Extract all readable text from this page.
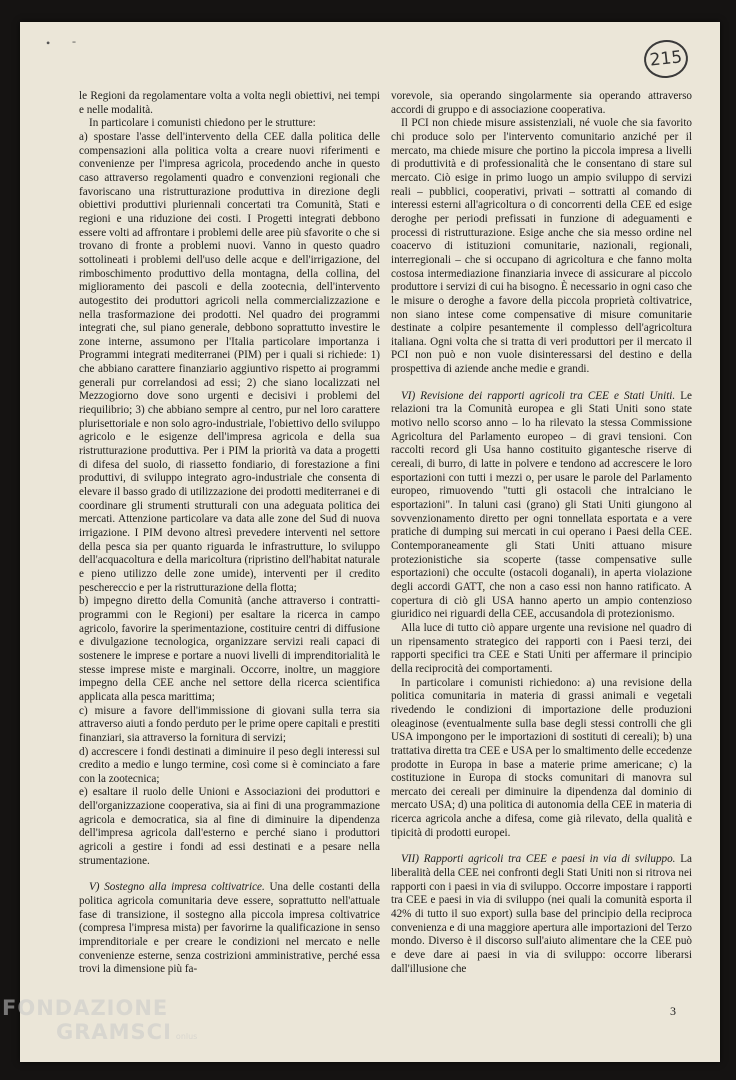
• ‐
215

le Regioni da regolamentare volta a volta negli obiettivi, nei tempi e nelle modalità.

In particolare i comunisti chiedono per le strutture:

a) spostare l'asse dell'intervento della CEE dalla politica delle compensazioni alla politica volta a creare nuovi riferimenti e convenienze per l'impresa agricola, procedendo anche in questo caso attraverso regolamenti quadro e convenzioni regionali che favoriscano una ristrutturazione produttiva in direzione degli obiettivi produttivi pluriennali concertati tra Comunità, Stati e regioni e una riduzione dei costi. I Progetti integrati debbono essere volti ad affrontare i problemi delle aree più sfavorite o che si trovano di fronte a problemi nuovi. Vanno in questo quadro sottolineati i problemi dell'uso delle acque e dell'irrigazione, del rimboschimento produttivo della montagna, della collina, del miglioramento dei pascoli e della zootecnia, dell'intervento autogestito dei produttori agricoli nella commercializzazione e nella trasformazione dei prodotti. Nel quadro dei programmi integrati che, sul piano generale, debbono soprattutto investire le zone interne, assumono per l'Italia particolare importanza i Programmi integrati mediterranei (PIM) per i quali si richiede: 1) che abbiano carattere finanziario aggiuntivo rispetto ai programmi generali pur correlandosi ad essi; 2) che siano localizzati nel Mezzogiorno dove sono urgenti e decisivi i problemi del riequilibrio; 3) che abbiano sempre al centro, pur nel loro carattere plurisettoriale e non solo agro-industriale, l'obiettivo dello sviluppo agricolo e le esigenze dell'impresa agricola e della sua ristrutturazione produttiva. Per i PIM la priorità va data a progetti di difesa del suolo, di riassetto fondiario, di forestazione a fini produttivi, di sviluppo integrato agro-industriale che consenta di elevare il basso grado di utilizzazione dei prodotti mediterranei e di coordinare gli strumenti strutturali con una adeguata politica dei mercati. Attenzione particolare va data alle zone del Sud di nuova irrigazione. I PIM devono altresì prevedere interventi nel settore della pesca sia per quanto riguarda le infrastrutture, lo sviluppo dell'acquacoltura e della maricoltura (ripristino dell'habitat naturale e pieno utilizzo delle zone umide), interventi per il credito peschereccio e per la ristrutturazione della flotta;

b) impegno diretto della Comunità (anche attraverso i contratti-programmi con le Regioni) per esaltare la ricerca in campo agricolo, favorire la sperimentazione, costituire centri di diffusione e divulgazione tecnologica, organizzare servizi reali capaci di sostenere le imprese e portare a nuovi livelli di imprenditorialità le stesse imprese miste e marginali. Occorre, inoltre, un maggiore impegno della CEE anche nel settore della ricerca scientifica applicata alla pesca marittima;

c) misure a favore dell'immissione di giovani sulla terra sia attraverso aiuti a fondo perduto per le prime opere capitali e prestiti finanziari, sia attraverso la fornitura di servizi;

d) accrescere i fondi destinati a diminuire il peso degli interessi sul credito a medio e lungo termine, così come si è cominciato a fare con la zootecnica;

e) esaltare il ruolo delle Unioni e Associazioni dei produttori e dell'organizzazione cooperativa, sia ai fini di una programmazione agricola e democratica, sia al fine di diminuire la dipendenza dell'impresa agricola dall'esterno e perché siano i produttori agricoli a gestire i fondi ad essi destinati e a pesare nella strumentazione.

V) Sostegno alla impresa coltivatrice. Una delle costanti della politica agricola comunitaria deve essere, soprattutto nell'attuale fase di transizione, il sostegno alla piccola impresa coltivatrice (compresa l'impresa mista) per favorirne la qualificazione in senso imprenditoriale e per creare le condizioni nel mercato e nelle convenienze esterne, senza costrizioni amministrative, perché essa trovi la dimensione più fa-

vorevole, sia operando singolarmente sia operando attraverso accordi di gruppo e di associazione cooperativa.

Il PCI non chiede misure assistenziali, né vuole che sia favorito chi produce solo per l'intervento comunitario anziché per il mercato, ma chiede misure che portino la piccola impresa a livelli di produttività e di professionalità che le consentano di stare sul mercato. Ciò esige in primo luogo un ampio sviluppo di servizi reali – pubblici, cooperativi, privati – sottratti al comando di interessi esterni all'agricoltura o di concorrenti della CEE ed esige deroghe per periodi prefissati in funzione di adeguamenti e processi di ristrutturazione. Esige anche che sia messo ordine nel coacervo di istituzioni comunitarie, nazionali, regionali, interregionali – che si occupano di agricoltura e che fanno molta costosa intermediazione finanziaria invece di assicurare al piccolo produttore i servizi di cui ha bisogno. È necessario in ogni caso che le misure o deroghe a favore della piccola proprietà coltivatrice, non siano intese come compensative di misure comunitarie destinate a colpire pesantemente il complesso dell'agricoltura italiana. Ogni volta che si tratta di veri produttori per il mercato il PCI non può e non vuole disinteressarsi del destino e della prospettiva di aziende anche medie e grandi.

VI) Revisione dei rapporti agricoli tra CEE e Stati Uniti. Le relazioni tra la Comunità europea e gli Stati Uniti sono state motivo nello scorso anno – lo ha rilevato la stessa Commissione Agricoltura del Parlamento europeo – di gravi tensioni. Con raccolti record gli Usa hanno costituito gigantesche riserve di cereali, di burro, di latte in polvere e tendono ad accrescere le loro esportazioni con tutti i mezzi o, per usare le parole del Parlamento europeo, rimuovendo "tutti gli ostacoli che intralciano le esportazioni". In taluni casi (grano) gli Stati Uniti giungono al sovvenzionamento diretto per ogni tonnellata esportata e a vere pratiche di dumping sui mercati in cui operano i Paesi della CEE. Contemporaneamente gli Stati Uniti attuano misure protezionistiche sia scoperte (tasse compensative sulle esportazioni) che occulte (ostacoli doganali), in aperta violazione degli accordi GATT, che non a caso essi non hanno ratificato. A copertura di ciò gli USA hanno aperto un ampio contenzioso giuridico nei riguardi della CEE, accusandola di protezionismo.

Alla luce di tutto ciò appare urgente una revisione nel quadro di un ripensamento strategico dei rapporti con i Paesi terzi, dei rapporti specifici tra CEE e Stati Uniti per affermare il principio della reciprocità dei comportamenti.

In particolare i comunisti richiedono: a) una revisione della politica comunitaria in materia di grassi animali e vegetali rivedendo le condizioni di importazione delle produzioni oleaginose (eventualmente sulla base degli stessi controlli che gli USA impongono per le importazioni di sostituti di cereali); b) una trattativa diretta tra CEE e USA per lo smaltimento delle eccedenze prodotte in Europa in base a materie prime americane; c) la costituzione in Europa di stocks comunitari di manovra sul mercato dei cereali per diminuire la dipendenza dal dominio di mercato USA; d) una politica di autonomia della CEE in materia di ricerca agricola anche a difesa, come già rilevato, della qualità e tipicità di prodotti europei.

VII) Rapporti agricoli tra CEE e paesi in via di sviluppo. La liberalità della CEE nei confronti degli Stati Uniti non si ritrova nei rapporti con i paesi in via di sviluppo. Occorre impostare i rapporti tra CEE e paesi in via di sviluppo (nei quali la comunità esporta il 42% di tutto il suo export) sulla base del principio della reciproca convenienza e di una maggiore apertura alle importazioni del Terzo mondo. Diverso è il discorso sull'aiuto alimentare che la CEE può e deve dare ai paesi in via di sviluppo: occorre liberarsi dall'illusione che

3
FONDAZIONE
GRAMSCI onlus
